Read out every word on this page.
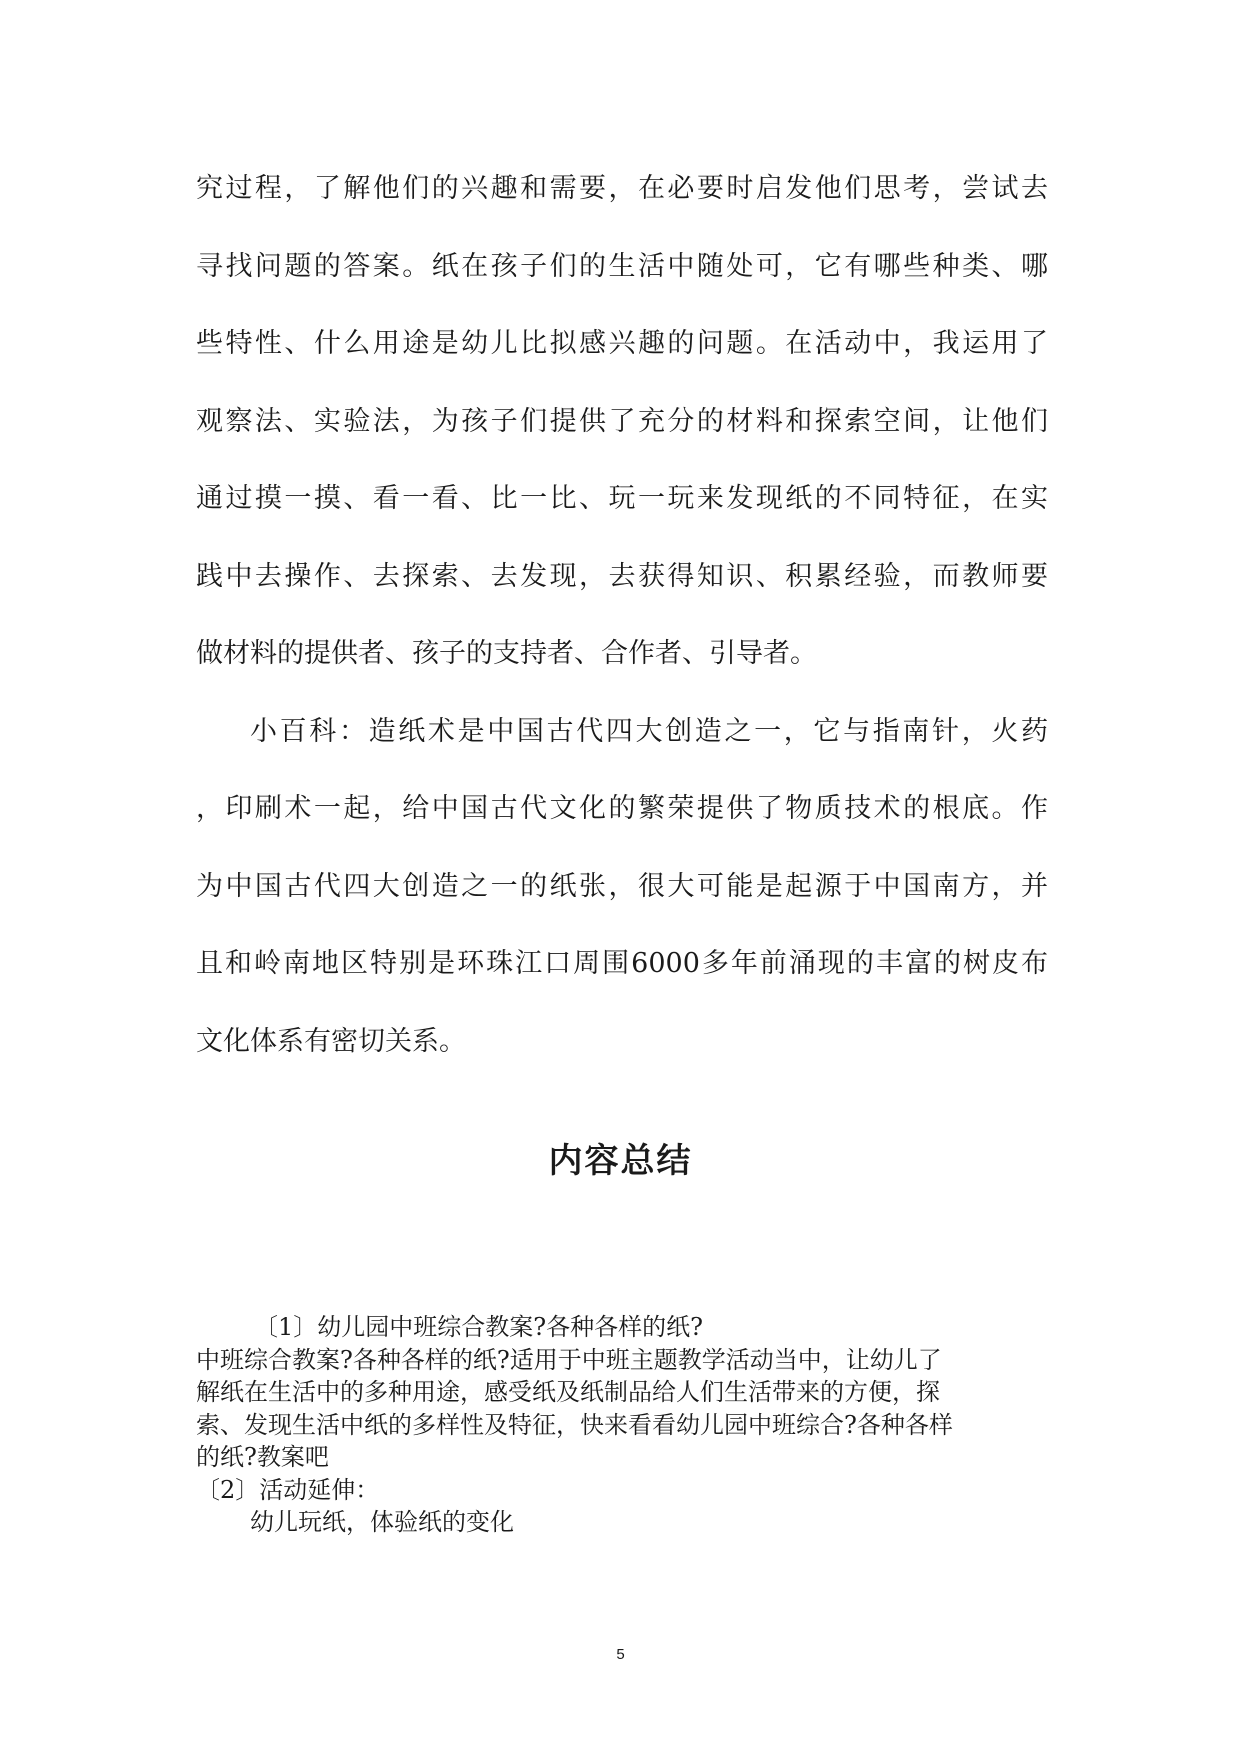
究过程，了解他们的兴趣和需要，在必要时启发他们思考，尝试去
寻找问题的答案。纸在孩子们的生活中随处可，它有哪些种类、哪
些特性、什么用途是幼儿比拟感兴趣的问题。在活动中，我运用了
观察法、实验法，为孩子们提供了充分的材料和探索空间，让他们
通过摸一摸、看一看、比一比、玩一玩来发现纸的不同特征，在实
践中去操作、去探索、去发现，去获得知识、积累经验，而教师要
做材料的提供者、孩子的支持者、合作者、引导者。
小百科：造纸术是中国古代四大创造之一，它与指南针，火药
，印刷术一起，给中国古代文化的繁荣提供了物质技术的根底。作
为中国古代四大创造之一的纸张，很大可能是起源于中国南方，并
且和岭南地区特别是环珠江口周围6000多年前涌现的丰富的树皮布
文化体系有密切关系。
内容总结
〔1〕幼儿园中班综合教案?各种各样的纸?
中班综合教案?各种各样的纸?适用于中班主题教学活动当中，让幼儿了
解纸在生活中的多种用途，感受纸及纸制品给人们生活带来的方便，探
索、发现生活中纸的多样性及特征，快来看看幼儿园中班综合?各种各样
的纸?教案吧
〔2〕活动延伸：
幼儿玩纸，体验纸的变化
5
